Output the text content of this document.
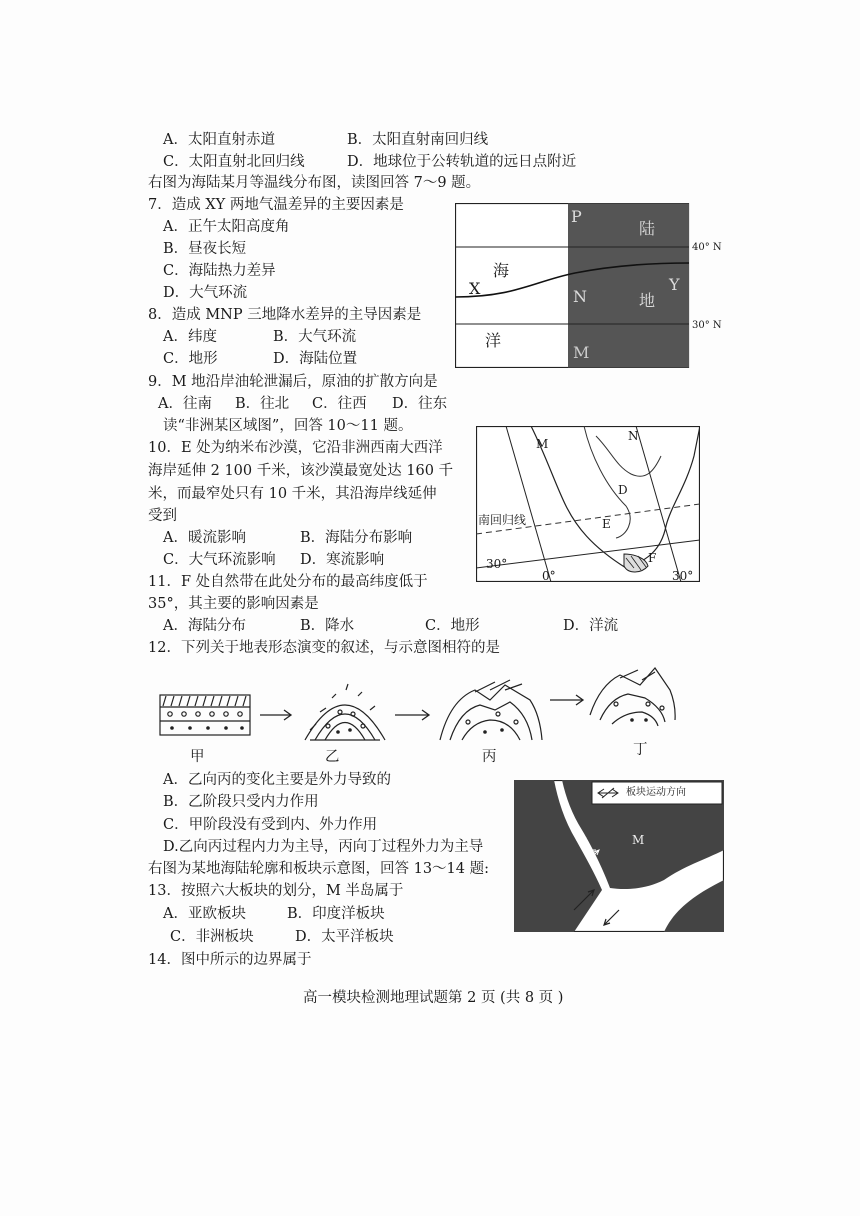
A．太阳直射赤道	B．太阳直射南回归线
C．太阳直射北回归线	D．地球位于公转轨道的远日点附近
右图为海陆某月等温线分布图，读图回答 7～9 题。
7．造成 XY 两地气温差异的主要因素是
A．正午太阳高度角
B．昼夜长短
C．海陆热力差异
D．大气环流
8．造成 MNP 三地降水差异的主导因素是
A．纬度	B．大气环流
C．地形	D．海陆位置
9．M 地沿岸油轮泄漏后，原油的扩散方向是
A．往南 B．往北 C．往西 D．往东
读“非洲某区域图”，回答 10～11 题。
10．E 处为纳米布沙漠，它沿非洲西南大西洋
海岸延伸 2 100 千米，该沙漠最宽处达 160 千
米，而最窄处只有 10 千米，其沿海岸线延伸
受到
A．暖流影响	B．海陆分布影响
C．大气环流影响 D．寒流影响
11．F 处自然带在此处分布的最高纬度低于
35°，其主要的影响因素是
A．海陆分布	B．降水	C．地形	D．洋流
12．下列关于地表形态演变的叙述，与示意图相符的是
甲	乙	丙	丁
A．乙向丙的变化主要是外力导致的
B．乙阶段只受内力作用
C．甲阶段没有受到内、外力作用
D.乙向丙过程内力为主导，丙向丁过程外力为主导
右图为某地海陆轮廓和板块示意图，回答 13～14 题:
13．按照六大板块的划分，M 半岛属于
A．亚欧板块	B．印度洋板块
C．非洲板块	D．太平洋板块
14．图中所示的边界属于
高一模块检测地理试题第 2 页 (共 8 页 )
海
洋
陆
地
X	Y
N
P
M
40° N
30° N
南回归线
30°
0°	30°
M
N
D
E
F
板块运动方向
M
